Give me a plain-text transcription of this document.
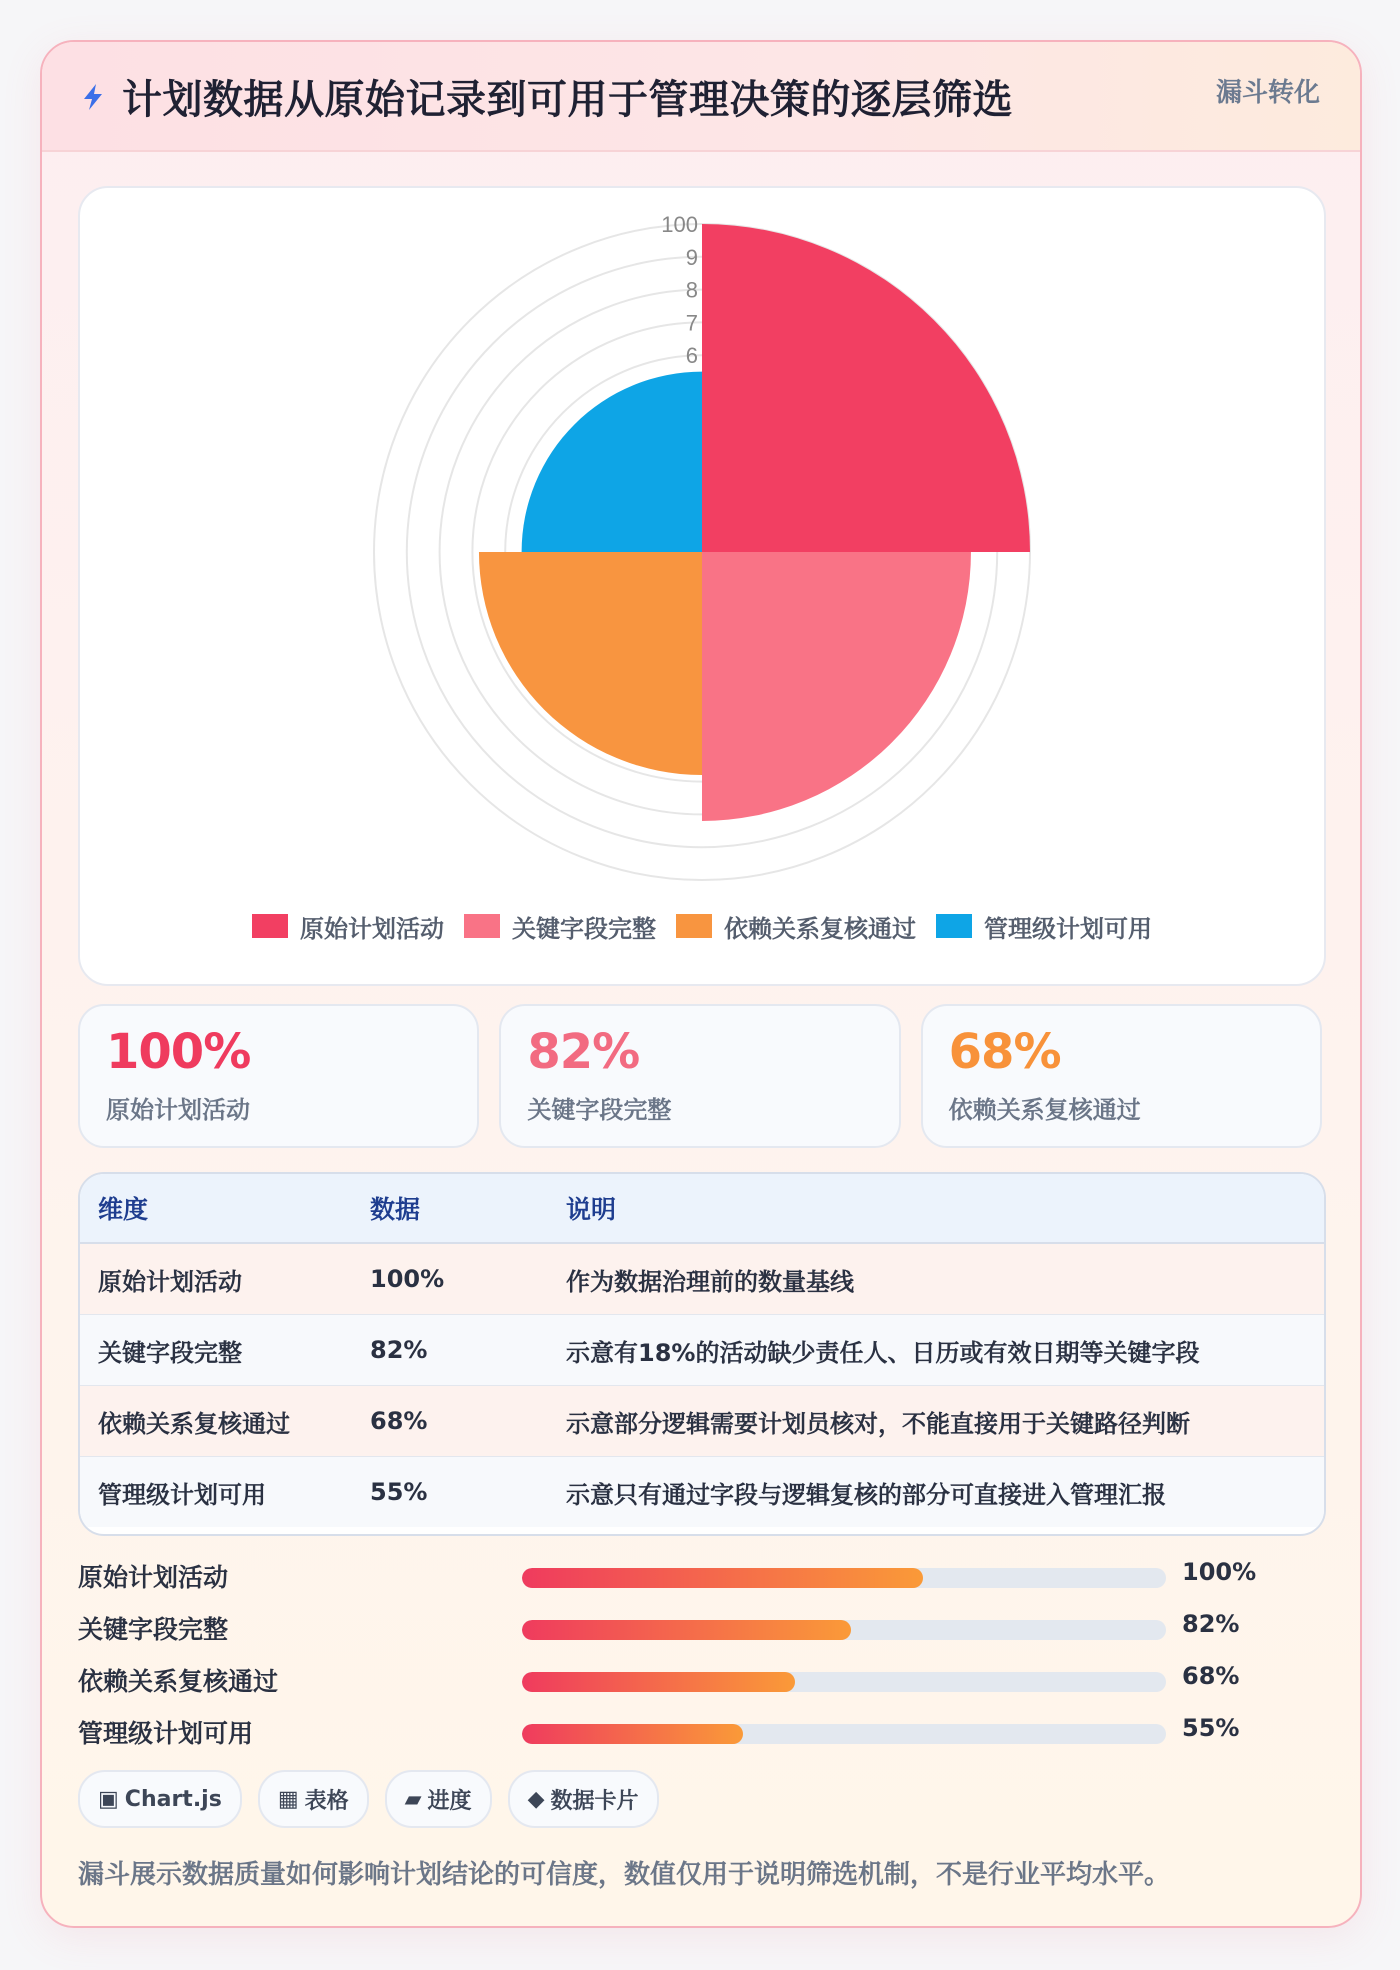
计划数据从原始记录到可用于管理决策的逐层筛选	漏斗转化
100
9
8
7
6
原始计划活动	关键字段完整	依赖关系复核通过	管理级计划可用
100%
原始计划活动
82%
关键字段完整
68%
依赖关系复核通过
维度	数据	说明
原始计划活动	100%	作为数据治理前的数量基线
关键字段完整	82%	示意有18%的活动缺少责任人、日历或有效日期等关键字段
依赖关系复核通过	68%	示意部分逻辑需要计划员核对，不能直接用于关键路径判断
管理级计划可用	55%	示意只有通过字段与逻辑复核的部分可直接进入管理汇报
原始计划活动	100%
关键字段完整	82%
依赖关系复核通过	68%
管理级计划可用	55%
▣ Chart.js	▦ 表格	▰ 进度	◆ 数据卡片
漏斗展示数据质量如何影响计划结论的可信度，数值仅用于说明筛选机制，不是行业平均水平。
